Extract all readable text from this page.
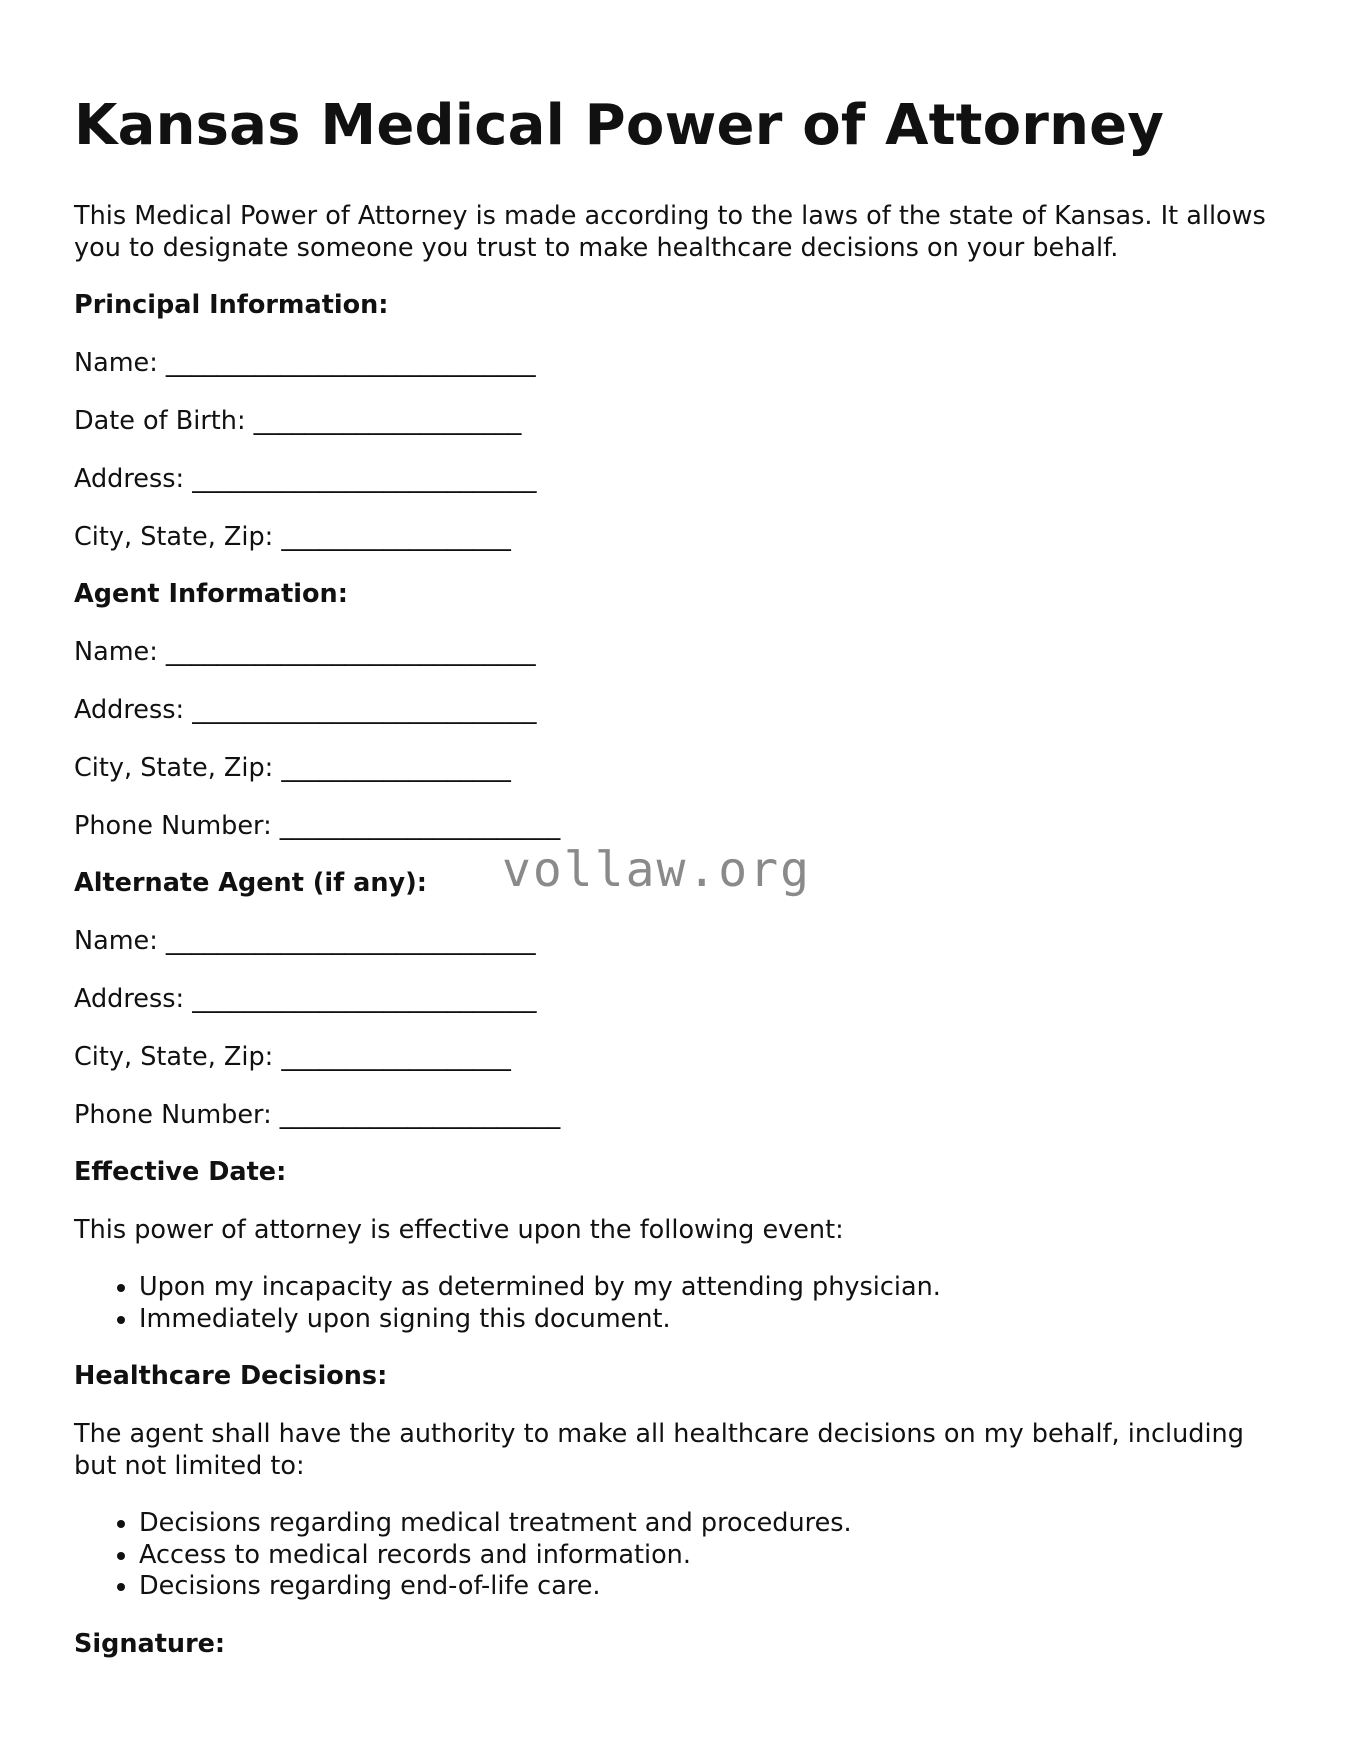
Kansas Medical Power of Attorney

This Medical Power of Attorney is made according to the laws of the state of Kansas. It allows you to designate someone you trust to make healthcare decisions on your behalf.

Principal Information:

Name: _____________________________

Date of Birth: _____________________

Address: ___________________________

City, State, Zip: __________________

Agent Information:

Name: _____________________________

Address: ___________________________

City, State, Zip: __________________

Phone Number: ______________________

Alternate Agent (if any):

Name: _____________________________

Address: ___________________________

City, State, Zip: __________________

Phone Number: ______________________

Effective Date:

This power of attorney is effective upon the following event:

• Upon my incapacity as determined by my attending physician.
• Immediately upon signing this document.

Healthcare Decisions:

The agent shall have the authority to make all healthcare decisions on my behalf, including but not limited to:

• Decisions regarding medical treatment and procedures.
• Access to medical records and information.
• Decisions regarding end-of-life care.

Signature:

vollaw.org
